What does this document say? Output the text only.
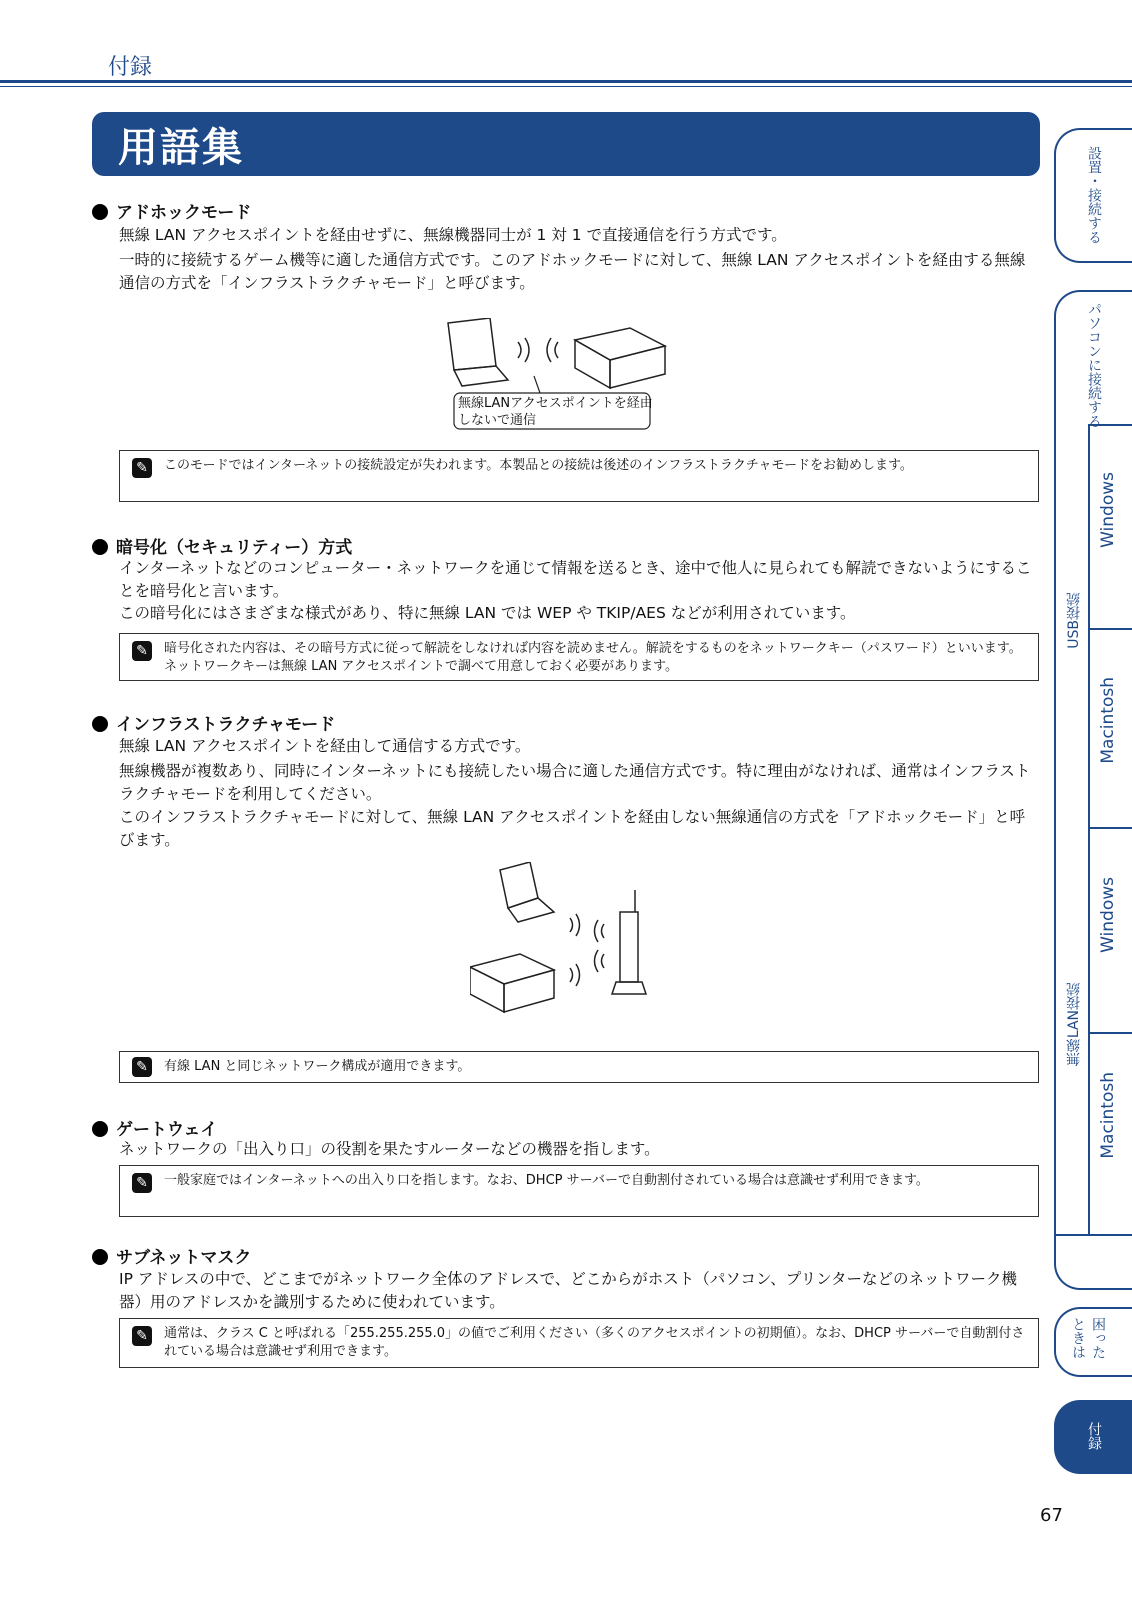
付録
用語集
アドホックモード
無線 LAN アクセスポイントを経由せずに、無線機器同士が 1 対 1 で直接通信を行う方式です。
一時的に接続するゲーム機等に適した通信方式です。このアドホックモードに対して、無線 LAN アクセスポイントを経由する無線通信の方式を「インフラストラクチャモード」と呼びます。
無線LANアクセスポイントを経由しないで通信
✎	このモードではインターネットの接続設定が失われます。本製品との接続は後述のインフラストラクチャモードをお勧めします。
暗号化（セキュリティー）方式
インターネットなどのコンピューター・ネットワークを通じて情報を送るとき、途中で他人に見られても解読できないようにすることを暗号化と言います。
この暗号化にはさまざまな様式があり、特に無線 LAN では WEP や TKIP/AES などが利用されています。
✎	暗号化された内容は、その暗号方式に従って解読をしなければ内容を読めません。解読をするものをネットワークキー（パスワード）といいます。ネットワークキーは無線 LAN アクセスポイントで調べて用意しておく必要があります。
インフラストラクチャモード
無線 LAN アクセスポイントを経由して通信する方式です。
無線機器が複数あり、同時にインターネットにも接続したい場合に適した通信方式です。特に理由がなければ、通常はインフラストラクチャモードを利用してください。
このインフラストラクチャモードに対して、無線 LAN アクセスポイントを経由しない無線通信の方式を「アドホックモード」と呼びます。
✎	有線 LAN と同じネットワーク構成が適用できます。
ゲートウェイ
ネットワークの「出入り口」の役割を果たすルーターなどの機器を指します。
✎	一般家庭ではインターネットへの出入り口を指します。なお、DHCP サーバーで自動割付されている場合は意識せず利用できます。
サブネットマスク
IP アドレスの中で、どこまでがネットワーク全体のアドレスで、どこからがホスト（パソコン、プリンターなどのネットワーク機器）用のアドレスかを識別するために使われています。
✎	通常は、クラス C と呼ばれる「255.255.255.0」の値でご利用ください（多くのアクセスポイントの初期値）。なお、DHCP サーバーで自動割付されている場合は意識せず利用できます。
設置・接続する
パソコンに接続する
USB接続
無線LAN接続
Windows
Macintosh
Windows
Macintosh
困ったときは
付録
67
